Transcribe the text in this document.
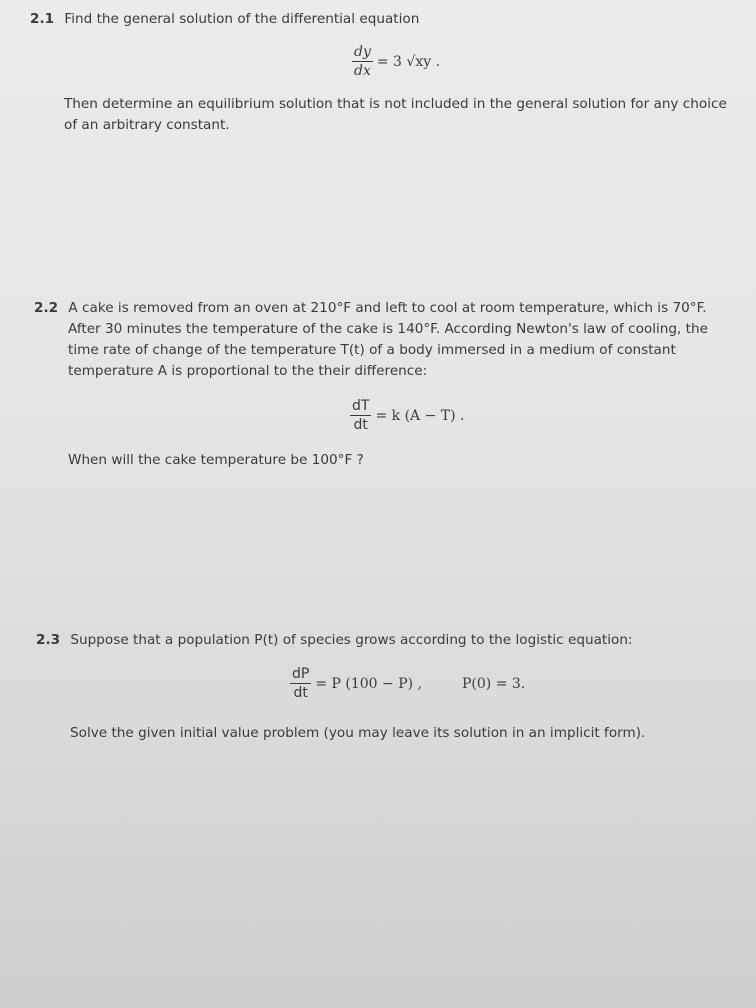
2.1 Find the general solution of the differential equation

$\frac{dy}{dx} = 3$ √xy .

Then determine an equilibrium solution that is not included in the general solution for any choice of an arbitrary constant.

2.2 A cake is removed from an oven at 210°F and left to cool at room temperature, which is 70°F. After 30 minutes the temperature of the cake is 140°F. According Newton's law of cooling, the time rate of change of the temperature T(t) of a body immersed in a medium of constant temperature A is proportional to the their difference:

$\frac{dT}{dt} = k$ (A − T) .

When will the cake temperature be 100°F ?

2.3 Suppose that a population P(t) of species grows according to the logistic equation:

$\frac{dP}{dt} = P$ (100 − P) ,	P(0) = 3.

Solve the given initial value problem (you may leave its solution in an implicit form).
